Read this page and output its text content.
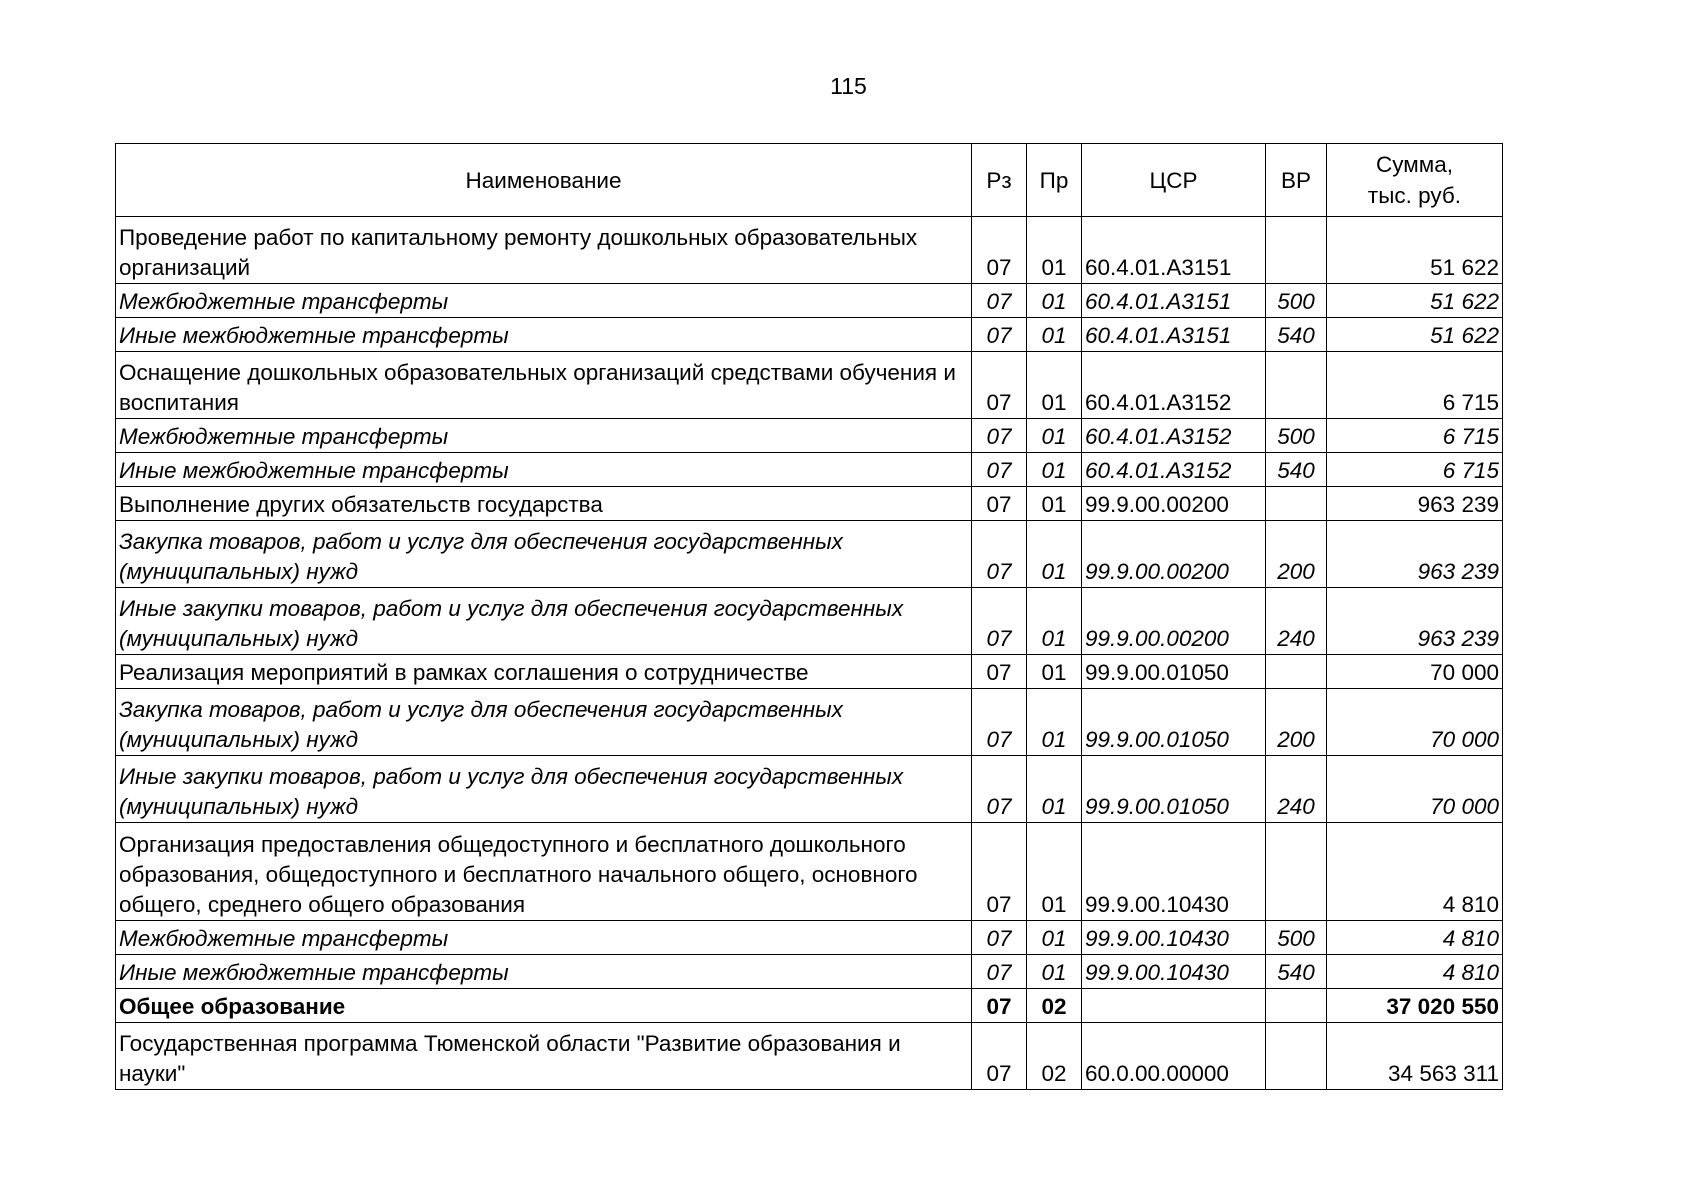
115
Наименование	Рз	Пр	ЦСР	ВР	Сумма,
тыс. руб.
Проведение работ по капитальному ремонту дошкольных образовательных организаций	07	01	60.4.01.А3151		51 622
Межбюджетные трансферты	07	01	60.4.01.А3151	500	51 622
Иные межбюджетные трансферты	07	01	60.4.01.А3151	540	51 622
Оснащение дошкольных образовательных организаций средствами обучения и воспитания	07	01	60.4.01.А3152		6 715
Межбюджетные трансферты	07	01	60.4.01.А3152	500	6 715
Иные межбюджетные трансферты	07	01	60.4.01.А3152	540	6 715
Выполнение других обязательств государства	07	01	99.9.00.00200		963 239
Закупка товаров, работ и услуг для обеспечения государственных (муниципальных) нужд	07	01	99.9.00.00200	200	963 239
Иные закупки товаров, работ и услуг для обеспечения государственных (муниципальных) нужд	07	01	99.9.00.00200	240	963 239
Реализация мероприятий в рамках соглашения о сотрудничестве	07	01	99.9.00.01050		70 000
Закупка товаров, работ и услуг для обеспечения государственных (муниципальных) нужд	07	01	99.9.00.01050	200	70 000
Иные закупки товаров, работ и услуг для обеспечения государственных (муниципальных) нужд	07	01	99.9.00.01050	240	70 000
Организация предоставления общедоступного и бесплатного дошкольного образования, общедоступного и бесплатного начального общего, основного общего, среднего общего образования	07	01	99.9.00.10430		4 810
Межбюджетные трансферты	07	01	99.9.00.10430	500	4 810
Иные межбюджетные трансферты	07	01	99.9.00.10430	540	4 810
Общее образование	07	02			37 020 550
Государственная программа Тюменской области "Развитие образования и науки"	07	02	60.0.00.00000		34 563 311
